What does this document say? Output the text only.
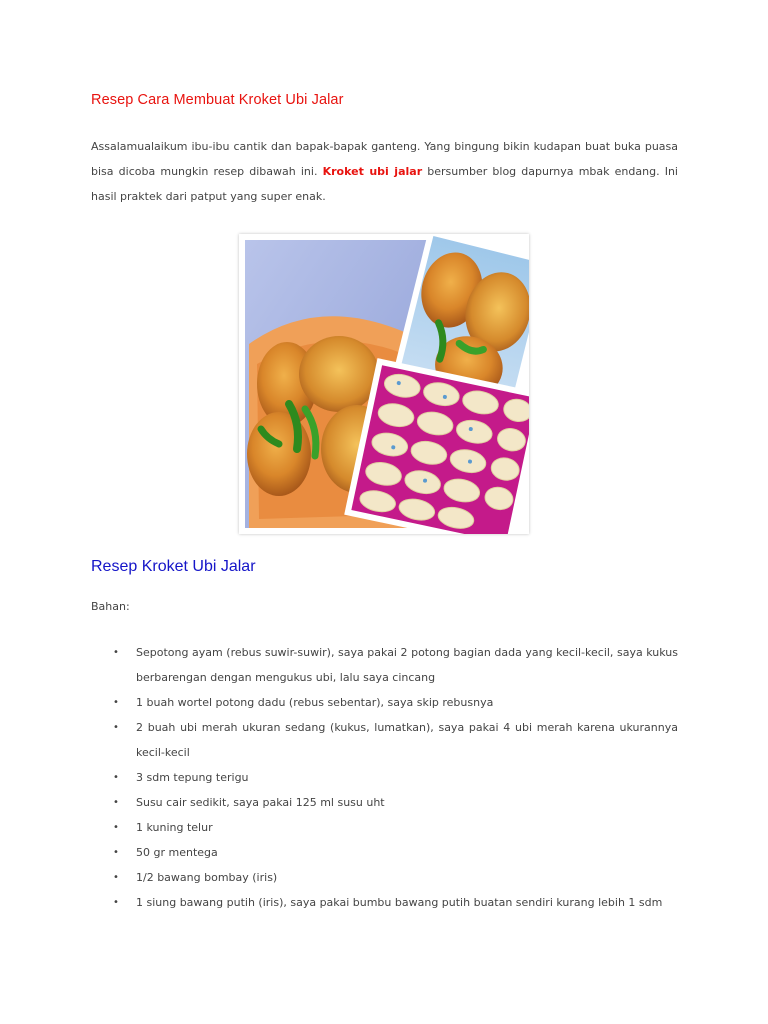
Resep Cara Membuat Kroket Ubi Jalar

Assalamualaikum ibu-ibu cantik dan bapak-bapak ganteng. Yang bingung bikin kudapan buat buka puasa bisa dicoba mungkin resep dibawah ini. Kroket ubi jalar bersumber blog dapurnya mbak endang. Ini hasil praktek dari patput yang super enak.

Resep Kroket Ubi Jalar

Bahan:

• Sepotong ayam (rebus suwir-suwir), saya pakai 2 potong bagian dada yang kecil-kecil, saya kukus berbarengan dengan mengukus ubi, lalu saya cincang
• 1 buah wortel potong dadu (rebus sebentar), saya skip rebusnya
• 2 buah ubi merah ukuran sedang (kukus, lumatkan), saya pakai 4 ubi merah karena ukurannya kecil-kecil
• 3 sdm tepung terigu
• Susu cair sedikit, saya pakai 125 ml susu uht
• 1 kuning telur
• 50 gr mentega
• 1/2 bawang bombay (iris)
• 1 siung bawang putih (iris), saya pakai bumbu bawang putih buatan sendiri kurang lebih 1 sdm
